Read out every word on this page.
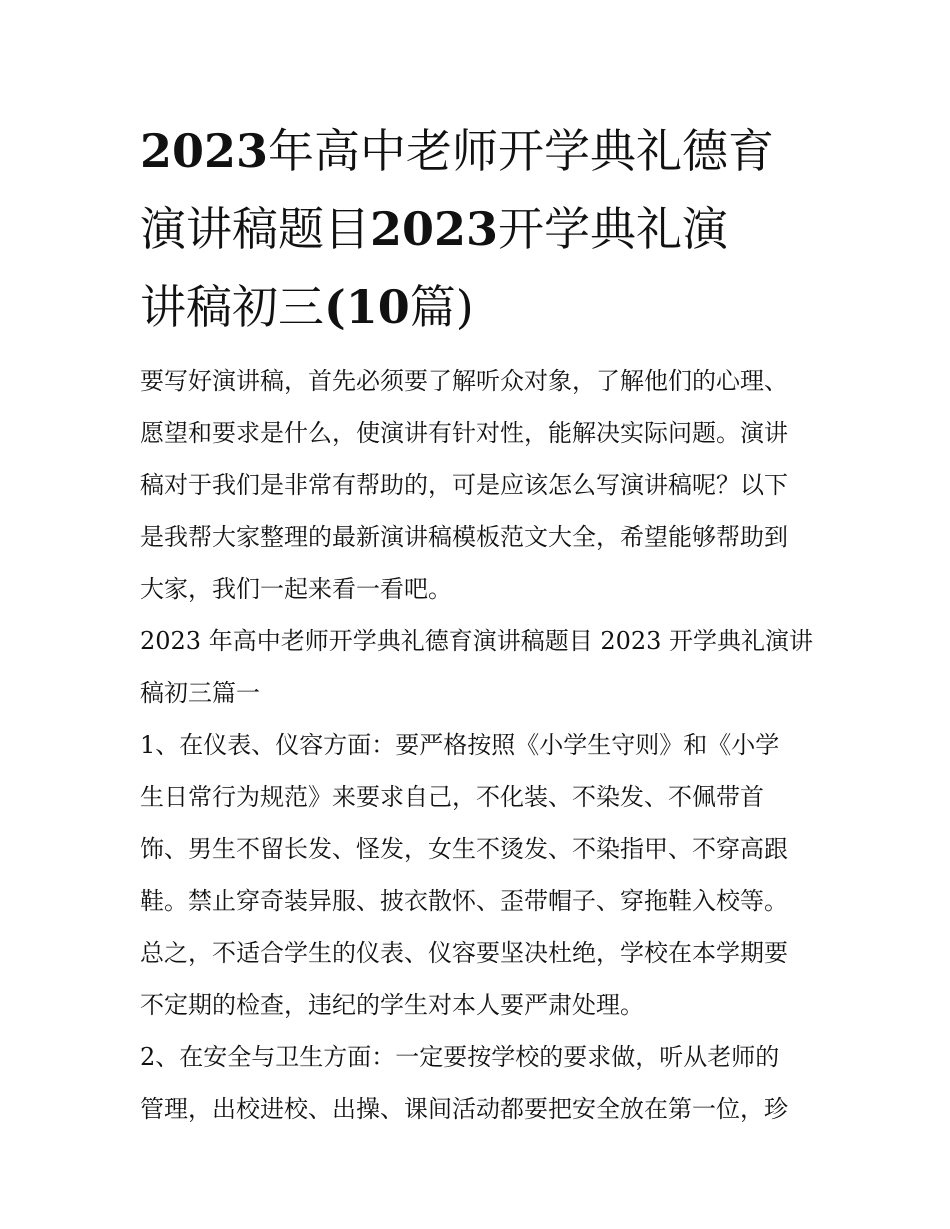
2023年高中老师开学典礼德育
演讲稿题目2023开学典礼演
讲稿初三(10篇)

要写好演讲稿，首先必须要了解听众对象，了解他们的心理、
愿望和要求是什么，使演讲有针对性，能解决实际问题。演讲
稿对于我们是非常有帮助的，可是应该怎么写演讲稿呢？以下
是我帮大家整理的最新演讲稿模板范文大全，希望能够帮助到
大家，我们一起来看一看吧。

2023 年高中老师开学典礼德育演讲稿题目 2023 开学典礼演讲
稿初三篇一

1、在仪表、仪容方面：要严格按照《小学生守则》和《小学
生日常行为规范》来要求自己，不化装、不染发、不佩带首
饰、男生不留长发、怪发，女生不烫发、不染指甲、不穿高跟
鞋。禁止穿奇装异服、披衣散怀、歪带帽子、穿拖鞋入校等。
总之，不适合学生的仪表、仪容要坚决杜绝，学校在本学期要
不定期的检查，违纪的学生对本人要严肃处理。

2、在安全与卫生方面：一定要按学校的要求做，听从老师的
管理，出校进校、出操、课间活动都要把安全放在第一位，珍
